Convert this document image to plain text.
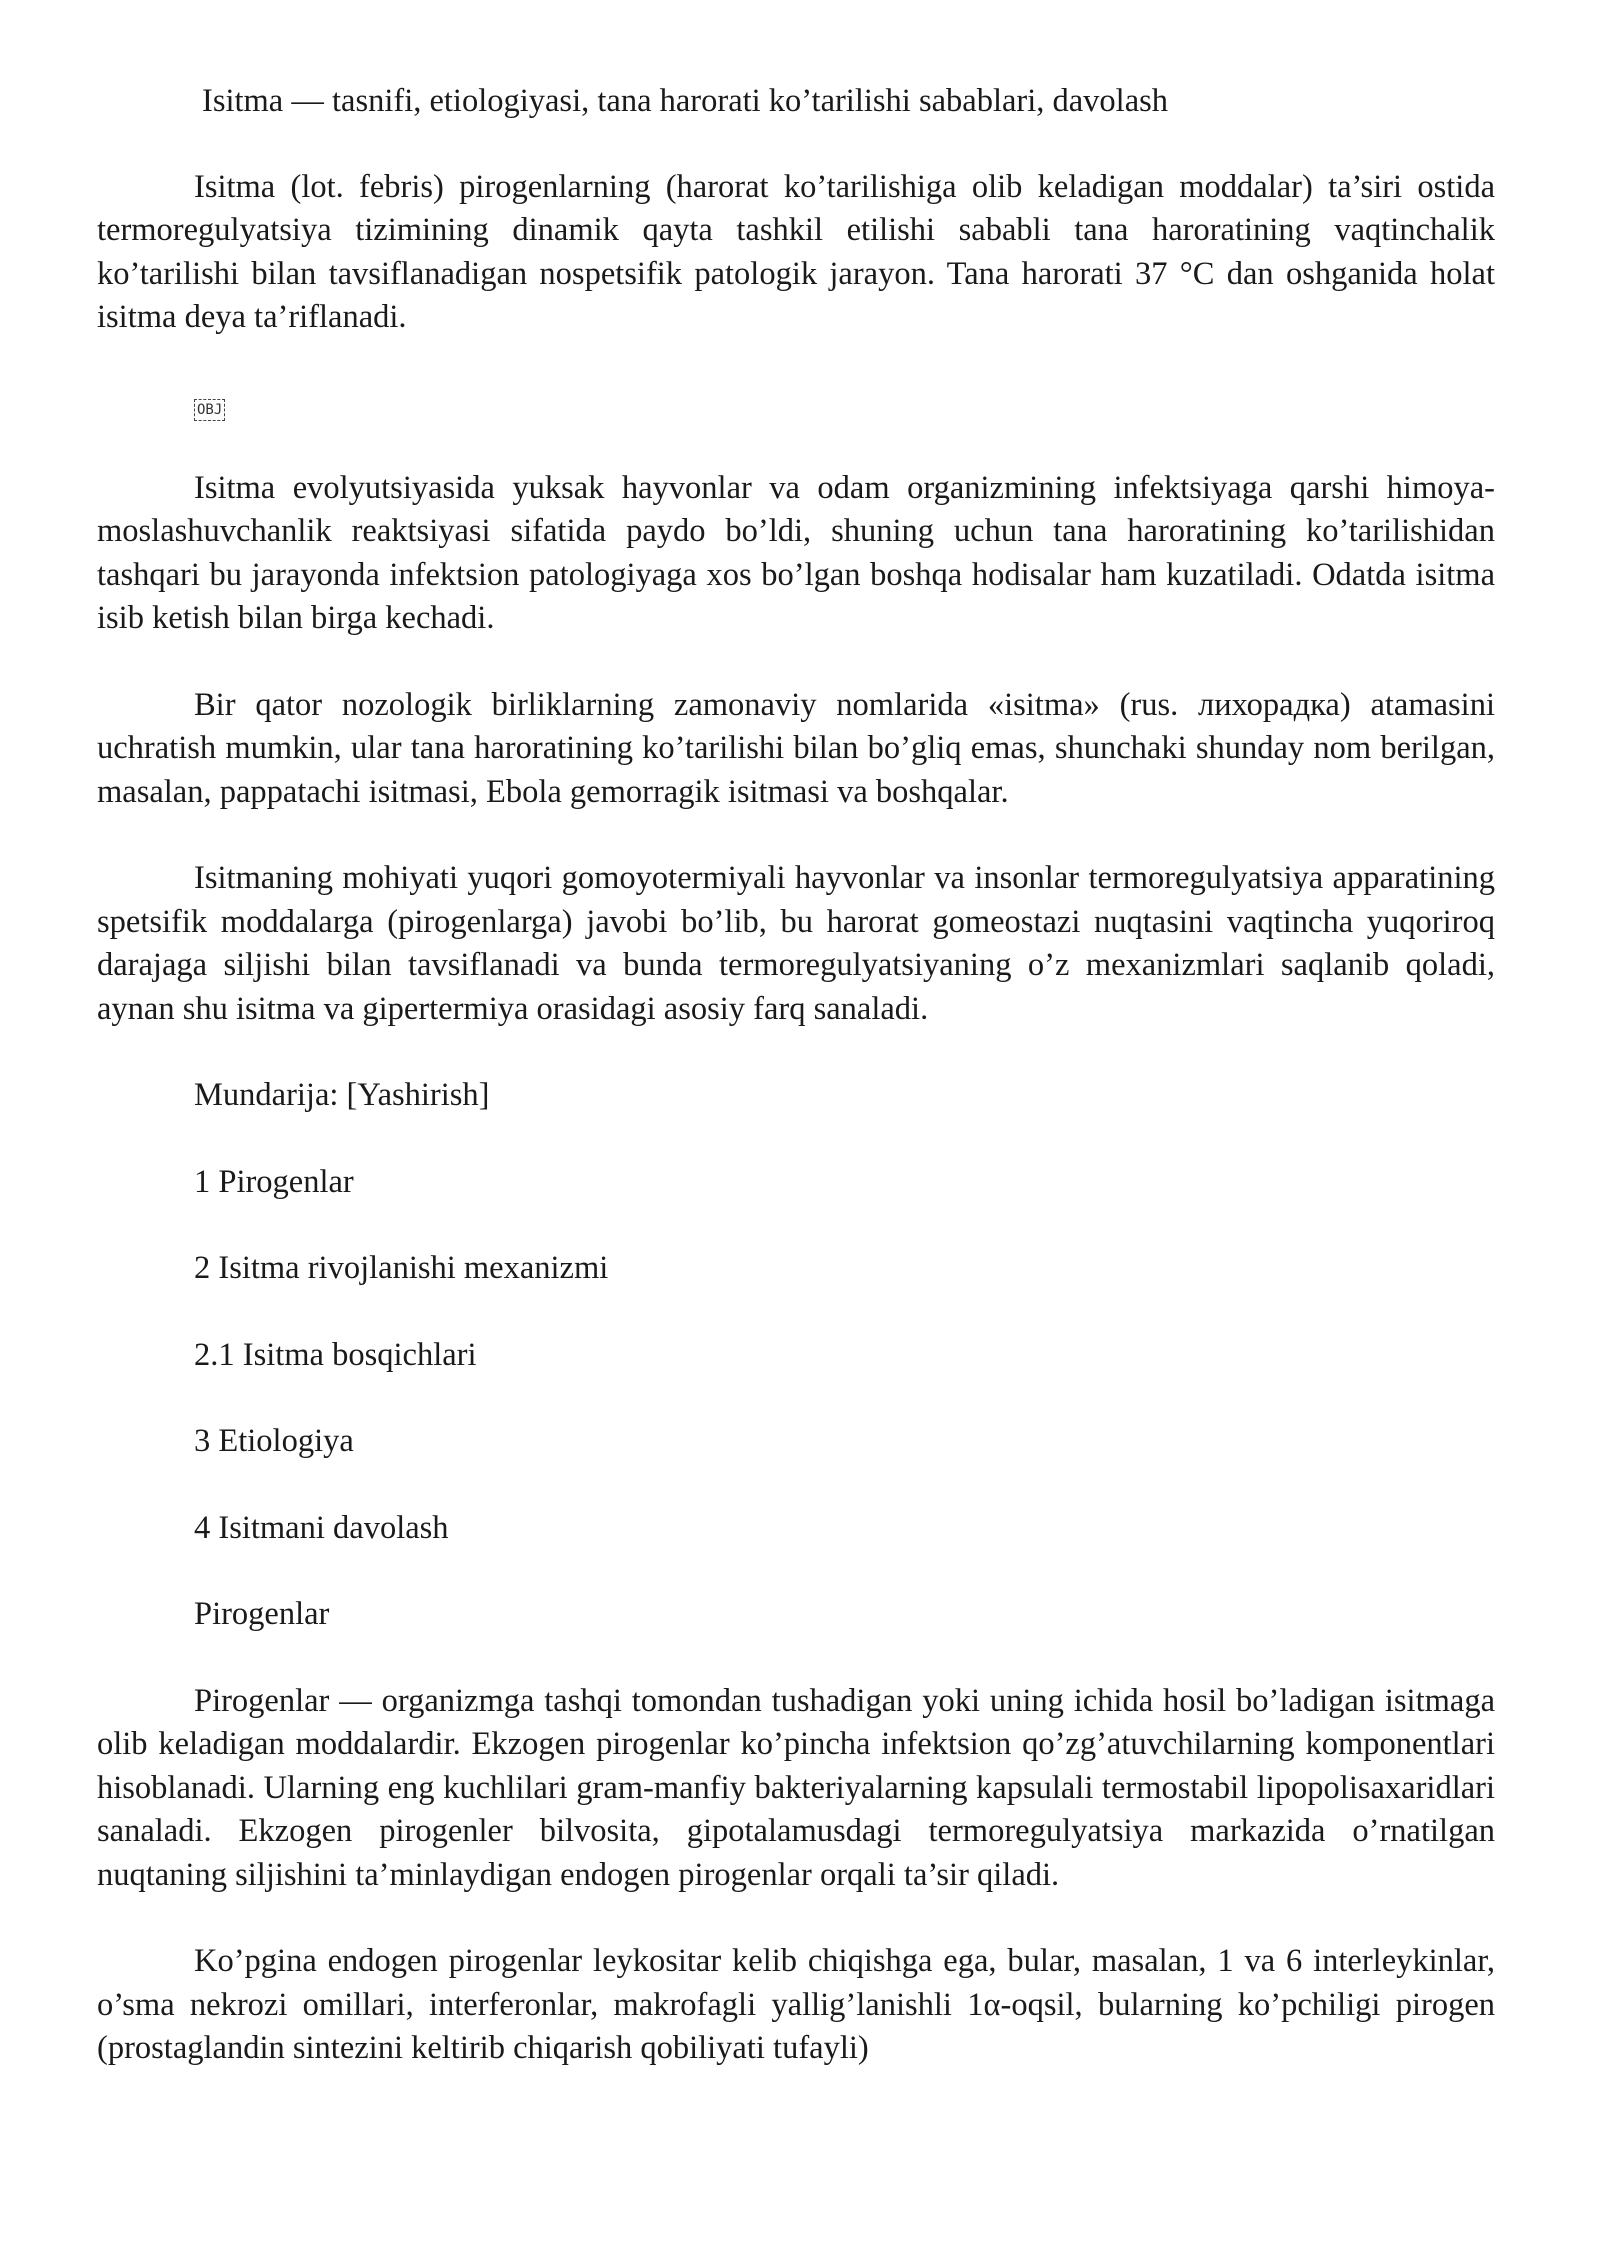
Isitma — tasnifi, etiologiyasi, tana harorati ko’tarilishi sabablari, davolash

Isitma (lot. febris) pirogenlarning (harorat ko’tarilishiga olib keladigan moddalar) ta’siri ostida termoregulyatsiya tizimining dinamik qayta tashkil etilishi sababli tana haroratining vaqtinchalik ko’tarilishi bilan tavsiflanadigan nospetsifik patologik jarayon. Tana harorati 37 °C dan oshganida holat isitma deya ta’riflanadi.

OBJ

Isitma evolyutsiyasida yuksak hayvonlar va odam organizmining infektsiyaga qarshi himoya-moslashuvchanlik reaktsiyasi sifatida paydo bo’ldi, shuning uchun tana haroratining ko’tarilishidan tashqari bu jarayonda infektsion patologiyaga xos bo’lgan boshqa hodisalar ham kuzatiladi. Odatda isitma isib ketish bilan birga kechadi.

Bir qator nozologik birliklarning zamonaviy nomlarida «isitma» (rus. лихорадка) atamasini uchratish mumkin, ular tana haroratining ko’tarilishi bilan bo’gliq emas, shunchaki shunday nom berilgan, masalan, pappatachi isitmasi, Ebola gemorragik isitmasi va boshqalar.

Isitmaning mohiyati yuqori gomoyotermiyali hayvonlar va insonlar termoregulyatsiya apparatining spetsifik moddalarga (pirogenlarga) javobi bo’lib, bu harorat gomeostazi nuqtasini vaqtincha yuqoriroq darajaga siljishi bilan tavsiflanadi va bunda termoregulyatsiyaning o’z mexanizmlari saqlanib qoladi, aynan shu isitma va gipertermiya orasidagi asosiy farq sanaladi.

Mundarija: [Yashirish]
1 Pirogenlar
2 Isitma rivojlanishi mexanizmi
2.1 Isitma bosqichlari
3 Etiologiya
4 Isitmani davolash
Pirogenlar

Pirogenlar — organizmga tashqi tomondan tushadigan yoki uning ichida hosil bo’ladigan isitmaga olib keladigan moddalardir. Ekzogen pirogenlar ko’pincha infektsion qo’zg’atuvchilarning komponentlari hisoblanadi. Ularning eng kuchlilari gram-manfiy bakteriyalarning kapsulali termostabil lipopolisaxaridlari sanaladi. Ekzogen pirogenler bilvosita, gipotalamusdagi termoregulyatsiya markazida o’rnatilgan nuqtaning siljishini ta’minlaydigan endogen pirogenlar orqali ta’sir qiladi.

Ko’pgina endogen pirogenlar leykositar kelib chiqishga ega, bular, masalan, 1 va 6 interleykinlar, o’sma nekrozi omillari, interferonlar, makrofagli yallig’lanishli 1α-oqsil, bularning ko’pchiligi pirogen (prostaglandin sintezini keltirib chiqarish qobiliyati tufayli)
